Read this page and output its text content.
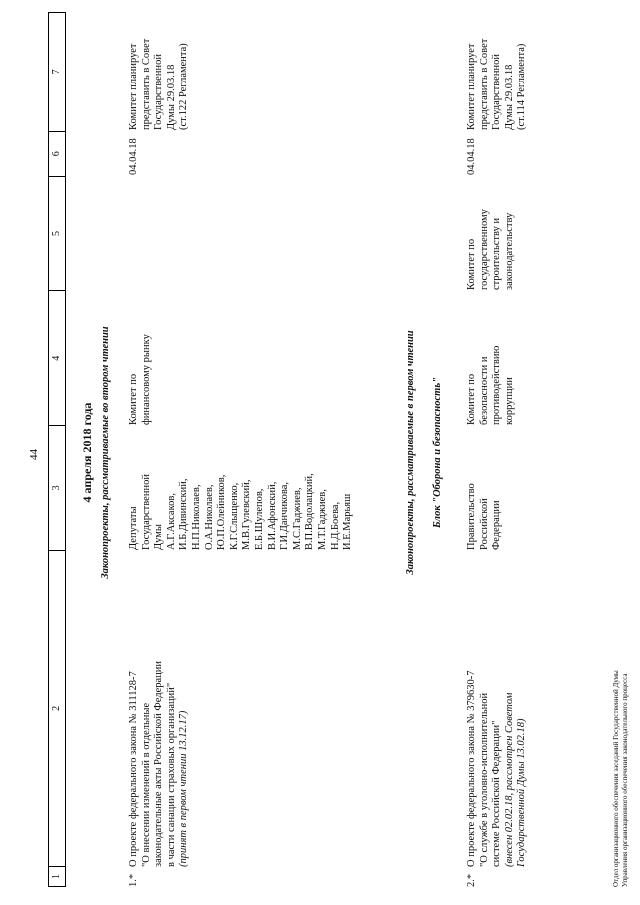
44
1
2
3
4
5
6
7
4 апреля 2018 года Законопроекты, рассматриваемые во втором чтении
1.*
О проекте федерального закона № 311128-7 "О внесении изменений в отдельные законодательные акты Российской Федерации в части санации страховых организаций" (принят в первом чтении 13.12.17)
Депутаты Государственной Думы А.Г.Аксаков, И.Б.Дивинский, Н.П.Николаев, О.А.Николаев, Ю.П.Олейников, К.Г.Слыщенко, М.В.Гулевский, Е.Б.Шулепов, В.И.Афонский, Г.И.Данчикова, М.С.Гаджиев, В.П.Водолацкий, М.Т.Гаджиев, Н.Д.Боева, И.Е.Марьяш
Комитет по финансовому рынку
04.04.18
Комитет планирует представить в Совет Государственной Думы 29.03.18 (ст.122 Регламента)
Законопроекты, рассматриваемые в первом чтении Блок "Оборона и безопасность"
2.*
О проекте федерального закона № 379630-7 "О службе в уголовно-исполнительной системе Российской Федерации" (внесен 02.02.18, рассмотрен Советом Государственной Думы 13.02.18)
Правительство Российской Федерации
Комитет по безопасности и противодействию коррупции
Комитет по государственному строительству и законодательству
04.04.18
Комитет планирует представить в Совет Государственной Думы 29.03.18 (ст.114 Регламента)
Отдел организационного обеспечения заседаний Государственной Думы Управления организационного обеспечения законодательного процесса
